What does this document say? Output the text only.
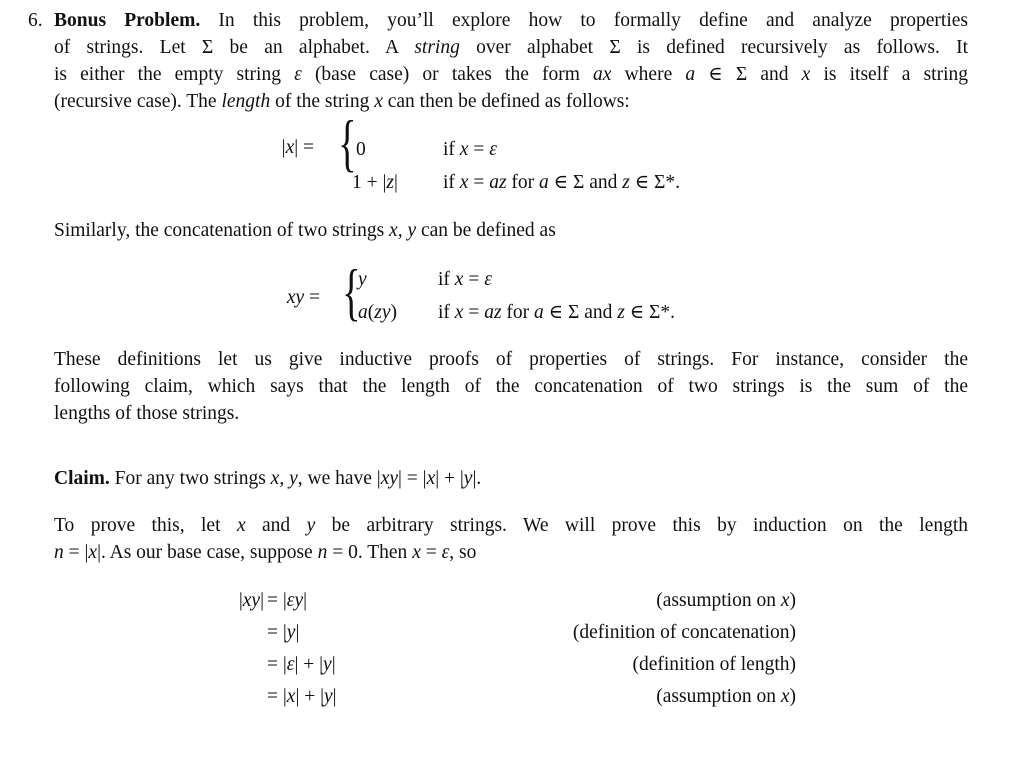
6. Bonus Problem. In this problem, you’ll explore how to formally define and analyze properties
of strings. Let Σ be an alphabet. A string over alphabet Σ is defined recursively as follows. It
is either the empty string ε (base case) or takes the form ax where a ∈ Σ and x is itself a string
(recursive case). The length of the string x can then be defined as follows:
|x| = { 0
1 + |z|
if x = ε
if x = az for a ∈ Σ and z ∈ Σ*.
Similarly, the concatenation of two strings x, y can be defined as
xy = {
y
a(zy)
if x = ε
if x = az for a ∈ Σ and z ∈ Σ*.
These definitions let us give inductive proofs of properties of strings. For instance, consider the
following claim, which says that the length of the concatenation of two strings is the sum of the
lengths of those strings.
Claim. For any two strings x, y, we have |xy| = |x| + |y|.
To prove this, let x and y be arbitrary strings. We will prove this by induction on the length
n = |x|. As our base case, suppose n = 0. Then x = ε, so
|xy| = |εy|
= |y|
= |ε| + |y|
= |x| + |y|
(assumption on x)
(definition of concatenation)
(definition of length)
(assumption on x)
